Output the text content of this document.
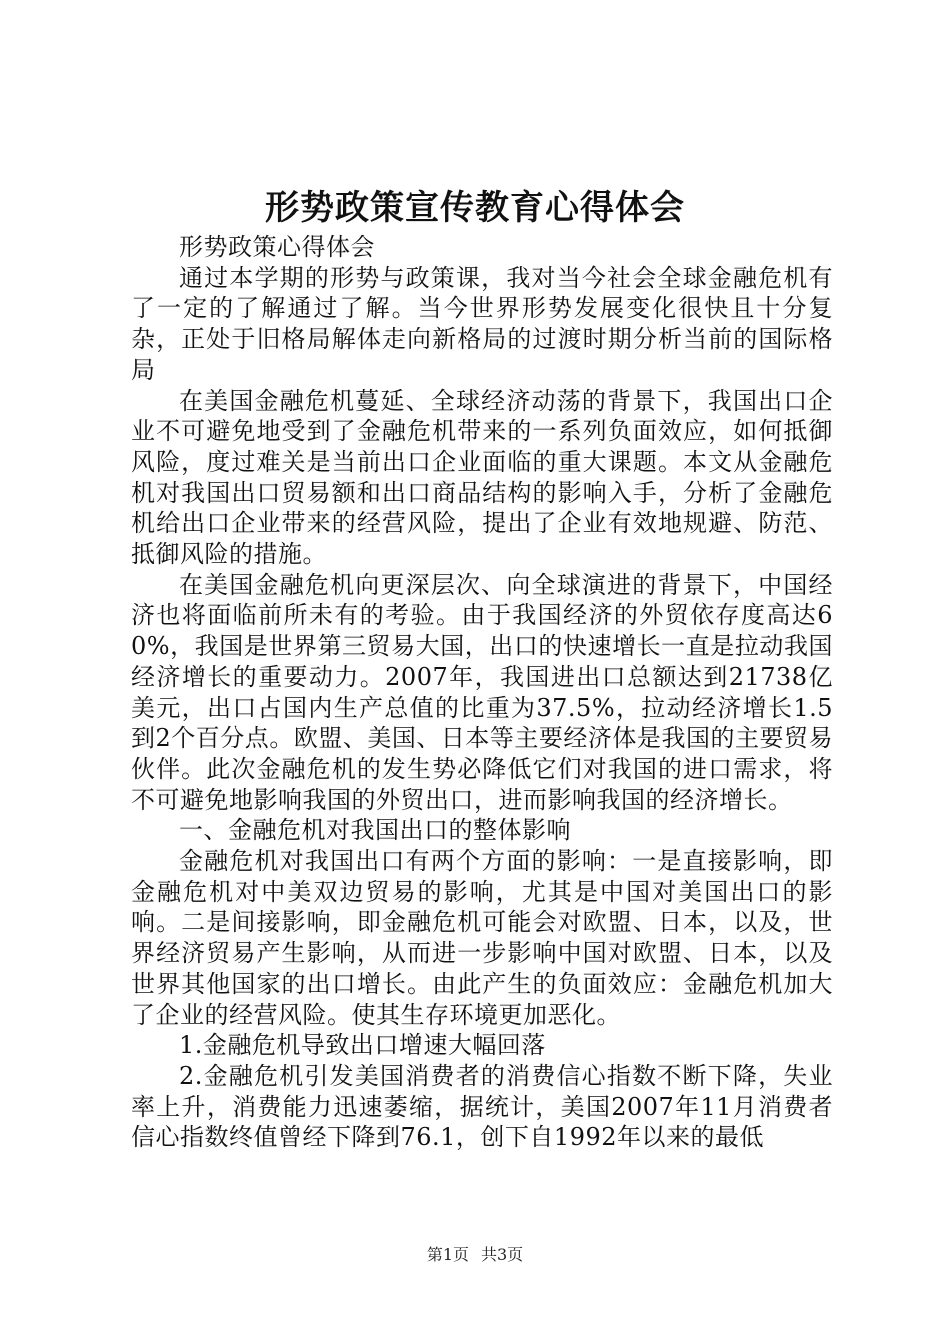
形势政策宣传教育心得体会

形势政策心得体会

通过本学期的形势与政策课，我对当今社会全球金融危机有了一定的了解通过了解。当今世界形势发展变化很快且十分复杂，正处于旧格局解体走向新格局的过渡时期分析当前的国际格局

在美国金融危机蔓延、全球经济动荡的背景下，我国出口企业不可避免地受到了金融危机带来的一系列负面效应，如何抵御风险，度过难关是当前出口企业面临的重大课题。本文从金融危机对我国出口贸易额和出口商品结构的影响入手，分析了金融危机给出口企业带来的经营风险，提出了企业有效地规避、防范、抵御风险的措施。

在美国金融危机向更深层次、向全球演进的背景下，中国经济也将面临前所未有的考验。由于我国经济的外贸依存度高达60%，我国是世界第三贸易大国，出口的快速增长一直是拉动我国经济增长的重要动力。2007年，我国进出口总额达到21738亿美元，出口占国内生产总值的比重为37.5%，拉动经济增长1.5到2个百分点。欧盟、美国、日本等主要经济体是我国的主要贸易伙伴。此次金融危机的发生势必降低它们对我国的进口需求，将不可避免地影响我国的外贸出口，进而影响我国的经济增长。

一、金融危机对我国出口的整体影响

金融危机对我国出口有两个方面的影响：一是直接影响，即金融危机对中美双边贸易的影响，尤其是中国对美国出口的影响。二是间接影响，即金融危机可能会对欧盟、日本，以及，世界经济贸易产生影响，从而进一步影响中国对欧盟、日本，以及世界其他国家的出口增长。由此产生的负面效应：金融危机加大了企业的经营风险。使其生存环境更加恶化。

1.金融危机导致出口增速大幅回落

2.金融危机引发美国消费者的消费信心指数不断下降，失业率上升，消费能力迅速萎缩，据统计，美国2007年11月消费者信心指数终值曾经下降到76.1，创下自1992年以来的最低

第1页 共3页
